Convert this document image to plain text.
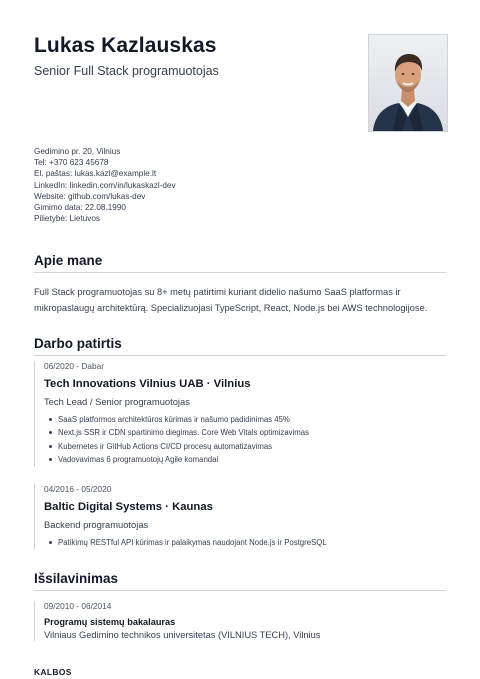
Lukas Kazlauskas
Senior Full Stack programuotojas
Gedimino pr. 20, Vilnius
Tel : +370 623 45678
El. paštas : lukas.kazl@example.lt
LinkedIn : linkedin.com/in/lukaskazl-dev
Website : github.com/lukas-dev
Gimimo data : 22.08.1990
Pilietybė : Lietuvos
Apie mane
Full Stack programuotojas su 8+ metų patirtimi kuriant didelio našumo SaaS platformas ir mikropaslaugų architektūrą. Specializuojasi TypeScript, React, Node.js bei AWS technologijose.
Darbo patirtis
06/2020 - Dabar
Tech Innovations Vilnius UAB · Vilnius
Tech Lead / Senior programuotojas
SaaS platformos architektūros kūrimas ir našumo padidinimas 45%
Next.js SSR ir CDN spartinimo diegimas. Core Web Vitals optimizavimas
Kubernetes ir GitHub Actions CI/CD procesų automatizavimas
Vadovavimas 6 programuotojų Agile komandai
04/2016 - 05/2020
Baltic Digital Systems · Kaunas
Backend programuotojas
Patikimų RESTful API kūrimas ir palaikymas naudojant Node.js ir PostgreSQL
Išsilavinimas
09/2010 - 06/2014
Programų sistemų bakalauras
Vilniaus Gedimino technikos universitetas (VILNIUS TECH), Vilnius
KALBOS
